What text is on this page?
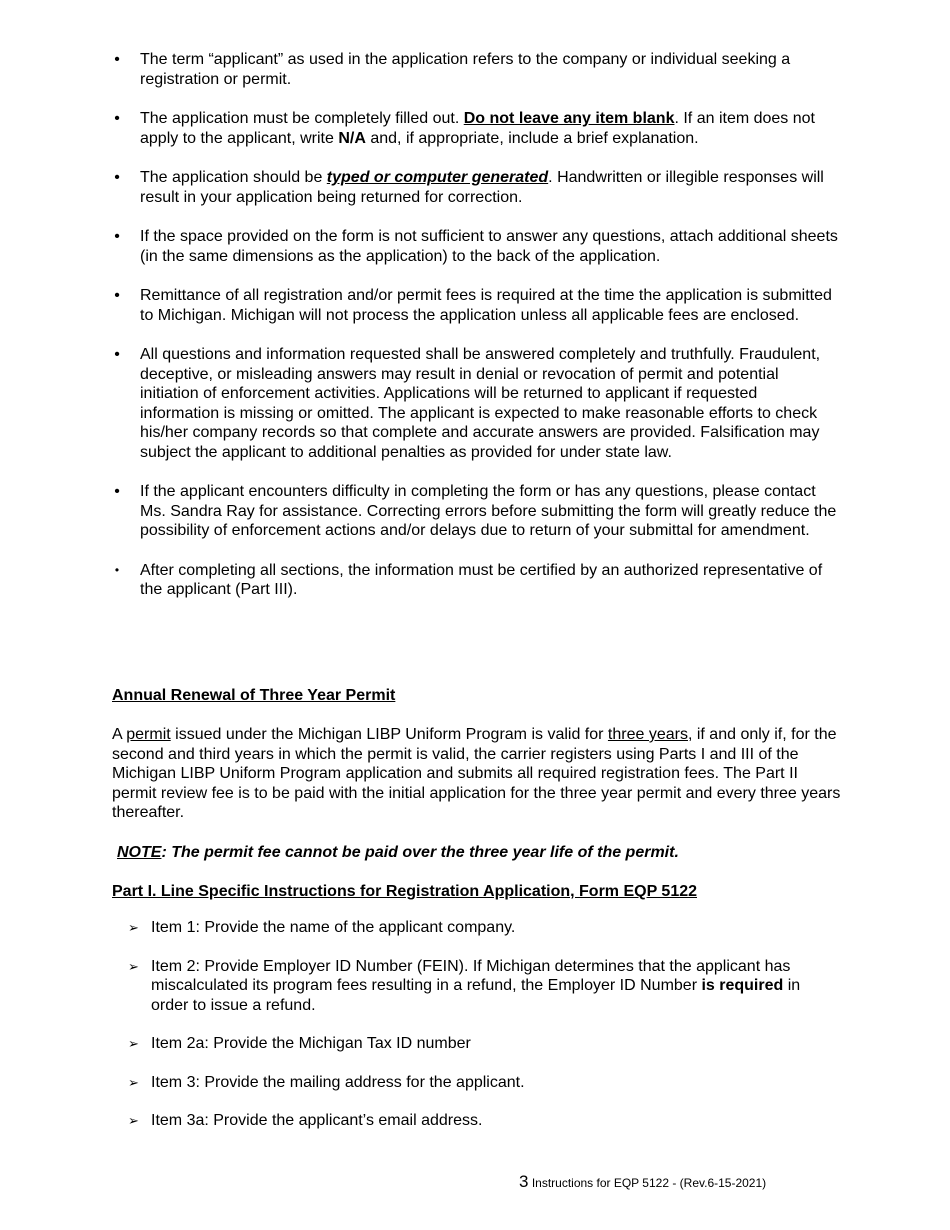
• The term “applicant” as used in the application refers to the company or individual seeking a registration or permit.
• The application must be completely filled out. Do not leave any item blank. If an item does not apply to the applicant, write N/A and, if appropriate, include a brief explanation.
• The application should be typed or computer generated. Handwritten or illegible responses will result in your application being returned for correction.
• If the space provided on the form is not sufficient to answer any questions, attach additional sheets (in the same dimensions as the application) to the back of the application.
• Remittance of all registration and/or permit fees is required at the time the application is submitted to Michigan. Michigan will not process the application unless all applicable fees are enclosed.
• All questions and information requested shall be answered completely and truthfully. Fraudulent, deceptive, or misleading answers may result in denial or revocation of permit and potential initiation of enforcement activities. Applications will be returned to applicant if requested information is missing or omitted. The applicant is expected to make reasonable efforts to check his/her company records so that complete and accurate answers are provided. Falsification may subject the applicant to additional penalties as provided for under state law.
• If the applicant encounters difficulty in completing the form or has any questions, please contact Ms. Sandra Ray for assistance. Correcting errors before submitting the form will greatly reduce the possibility of enforcement actions and/or delays due to return of your submittal for amendment.
•	After completing all sections, the information must be certified by an authorized representative of the applicant (Part III).
Annual Renewal of Three Year Permit

A permit issued under the Michigan LIBP Uniform Program is valid for three years, if and only if, for the second and third years in which the permit is valid, the carrier registers using Parts I and III of the Michigan LIBP Uniform Program application and submits all required registration fees. The Part II permit review fee is to be paid with the initial application for the three year permit and every three years thereafter.

NOTE: The permit fee cannot be paid over the three year life of the permit.

Part I. Line Specific Instructions for Registration Application, Form EQP 5122
➢ Item 1: Provide the name of the applicant company.
➢ Item 2: Provide Employer ID Number (FEIN). If Michigan determines that the applicant has miscalculated its program fees resulting in a refund, the Employer ID Number is required in order to issue a refund.
➢ Item 2a: Provide the Michigan Tax ID number
➢ Item 3: Provide the mailing address for the applicant.
➢ Item 3a: Provide the applicant’s email address.

3 Instructions for EQP 5122 - (Rev.6-15-2021)
